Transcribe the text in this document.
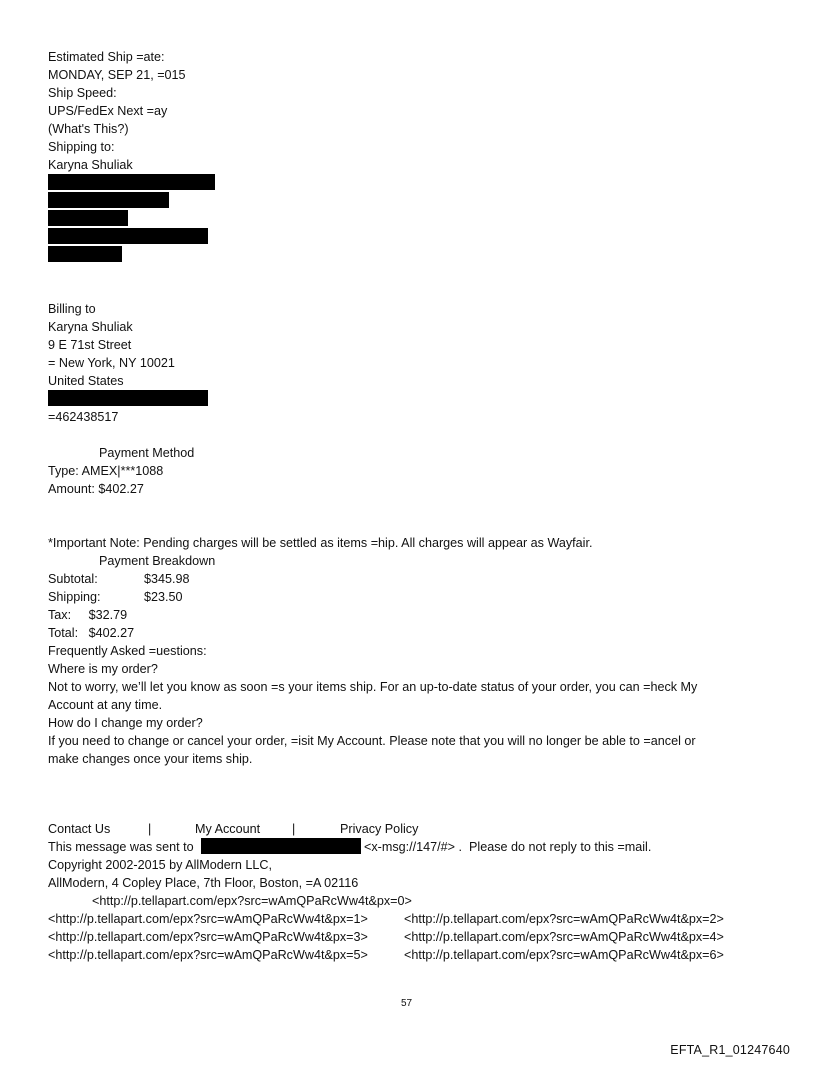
Estimated Ship =ate:
MONDAY, SEP 21, =015
Ship Speed:
UPS/FedEx Next =ay
(What's This?)
Shipping to:
Karyna Shuliak
Billing to
Karyna Shuliak
9 E 71st Street
= New York, NY 10021
United States
=462438517
Payment Method
Type: AMEX|***1088
Amount: $402.27
*Important Note: Pending charges will be settled as items =hip. All charges will appear as Wayfair.
Payment Breakdown
Subtotal:	$345.98
Shipping:	$23.50
Tax:     $32.79
Total:   $402.27
Frequently Asked =uestions:
Where is my order?
Not to worry, we’ll let you know as soon =s your items ship. For an up-to-date status of your order, you can =heck My
Account at any time.
How do I change my order?
If you need to change or cancel your order, =isit My Account. Please note that you will no longer be able to =ancel or
make changes once your items ship.
Contact Us	|	My Account	|	Privacy Policy
This message was sent to	<x-msg://147/#> .  Please do not reply to this =mail.
Copyright 2002-2015 by AllModern LLC,
AllModern, 4 Copley Place, 7th Floor, Boston, =A 02116
<http://p.tellapart.com/epx?src=wAmQPaRcWw4t&px=0>
<http://p.tellapart.com/epx?src=wAmQPaRcWw4t&px=1>	<http://p.tellapart.com/epx?src=wAmQPaRcWw4t&px=2>
<http://p.tellapart.com/epx?src=wAmQPaRcWw4t&px=3>	<http://p.tellapart.com/epx?src=wAmQPaRcWw4t&px=4>
<http://p.tellapart.com/epx?src=wAmQPaRcWw4t&px=5>	<http://p.tellapart.com/epx?src=wAmQPaRcWw4t&px=6>
57
EFTA_R1_01247640
